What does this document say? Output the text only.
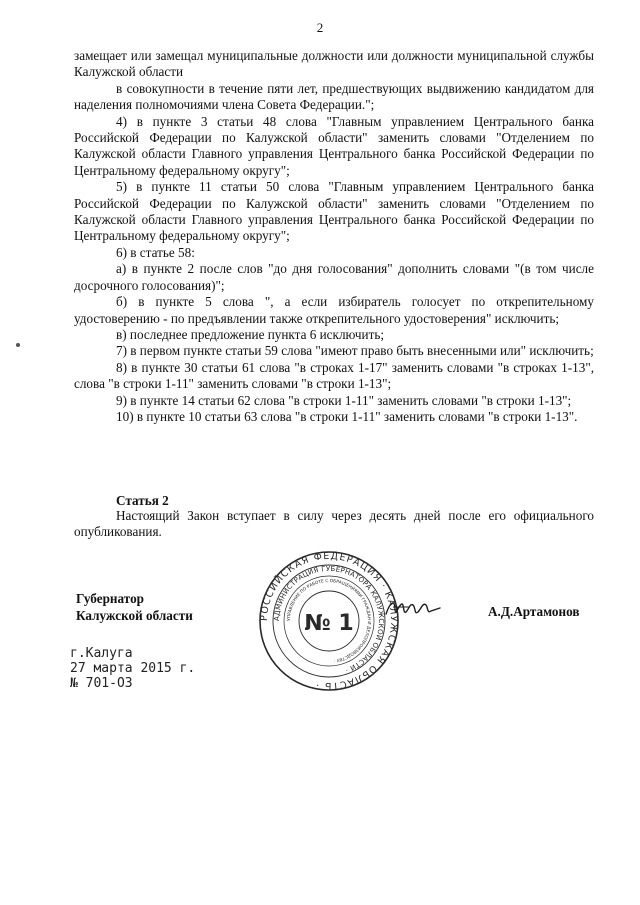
2

замещает или замещал муниципальные должности или должности муниципальной службы Калужской области

в совокупности в течение пяти лет, предшествующих выдвижению кандидатом для наделения полномочиями члена Совета Федерации.";

4) в пункте 3 статьи 48 слова "Главным управлением Центрального банка Российской Федерации по Калужской области" заменить словами "Отделением по Калужской области Главного управления Центрального банка Российской Федерации по Центральному федеральному округу";

5) в пункте 11 статьи 50 слова "Главным управлением Центрального банка Российской Федерации по Калужской области" заменить словами "Отделением по Калужской области Главного управления Центрального банка Российской Федерации по Центральному федеральному округу";

6) в статье 58:

а) в пункте 2 после слов "до дня голосования" дополнить словами "(в том числе досрочного голосования)";

б) в пункте 5 слова ", а если избиратель голосует по открепительному удостоверению - по предъявлении также открепительного удостоверения" исключить;

в) последнее предложение пункта 6 исключить;

7) в первом пункте статьи 59 слова "имеют право быть внесенными или" исключить;

8) в пункте 30 статьи 61 слова "в строках 1-17" заменить словами "в строках 1-13", слова "в строки 1-11" заменить словами "в строки 1-13";

9) в пункте 14 статьи 62 слова "в строки 1-11" заменить словами "в строки 1-13";

10) в пункте 10 статьи 63 слова "в строки 1-11" заменить словами "в строки 1-13".

Статья 2

Настоящий Закон вступает в силу через десять дней после его официального опубликования.

Губернатор
Калужской области	РОССИЙСКАЯ ФЕДЕРАЦИЯ · КАЛУЖСКАЯ ОБЛАСТЬ ·
АДМИНИСТРАЦИЯ ГУБЕРНАТОРА КАЛУЖСКОЙ ОБЛАСТИ ·
УПРАВЛЕНИЕ ПО РАБОТЕ С ОБРАЩЕНИЯМИ ГРАЖДАН И ДЕЛОПРОИЗВОДСТВУ ·
№ 1	А.Д.Артамонов
г.Калуга
27 марта 2015 г.
№ 701-ОЗ
